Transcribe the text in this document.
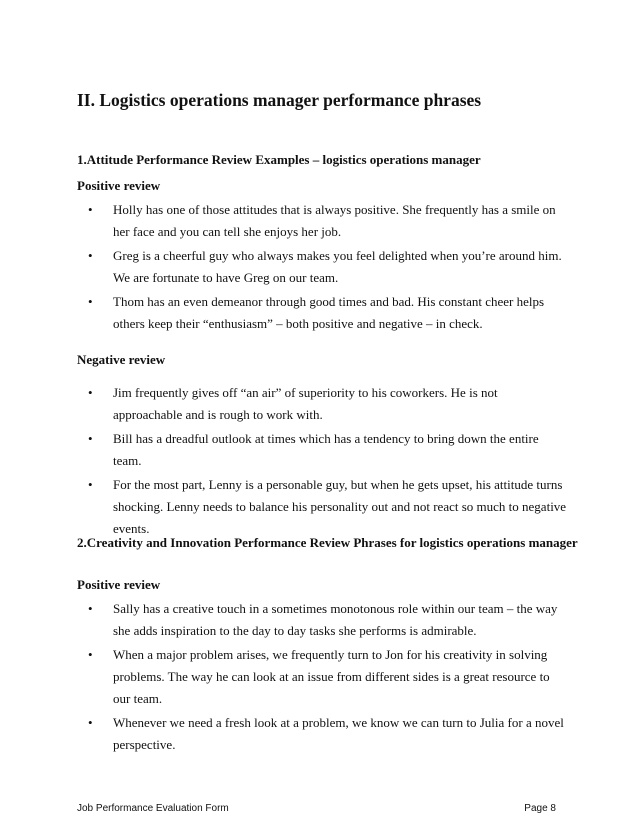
II. Logistics operations manager performance phrases
1.Attitude Performance Review Examples – logistics operations manager
Positive review
• Holly has one of those attitudes that is always positive. She frequently has a smile on her face and you can tell she enjoys her job.
• Greg is a cheerful guy who always makes you feel delighted when you’re around him. We are fortunate to have Greg on our team.
• Thom has an even demeanor through good times and bad. His constant cheer helps others keep their “enthusiasm” – both positive and negative – in check.
Negative review
• Jim frequently gives off “an air” of superiority to his coworkers. He is not approachable and is rough to work with.
• Bill has a dreadful outlook at times which has a tendency to bring down the entire team.
• For the most part, Lenny is a personable guy, but when he gets upset, his attitude turns shocking. Lenny needs to balance his personality out and not react so much to negative events.
2.Creativity and Innovation Performance Review Phrases for logistics operations manager
Positive review
• Sally has a creative touch in a sometimes monotonous role within our team – the way she adds inspiration to the day to day tasks she performs is admirable.
• When a major problem arises, we frequently turn to Jon for his creativity in solving problems. The way he can look at an issue from different sides is a great resource to our team.
• Whenever we need a fresh look at a problem, we know we can turn to Julia for a novel perspective.
Job Performance Evaluation Form	Page 8
